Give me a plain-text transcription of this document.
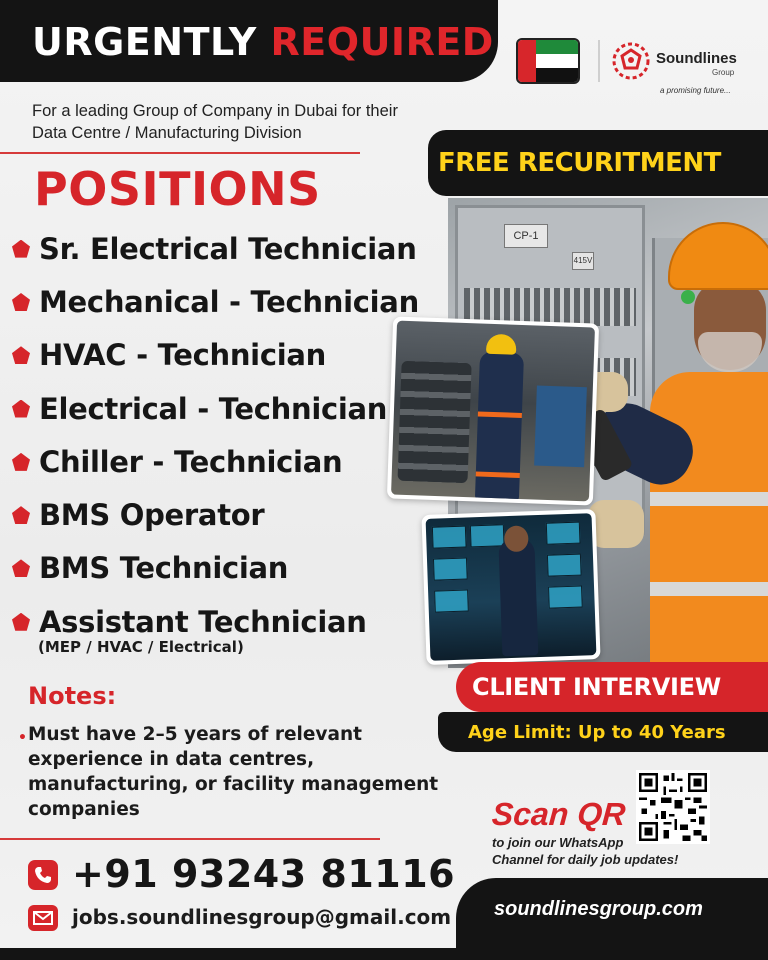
URGENTLY REQUIRED	Soundlines
Group
a promising future...
For a leading Group of Company in Dubai for their
Data Centre / Manufacturing Division
CP-1
415V
FREE RECURITMENT
POSITIONS
Sr. Electrical Technician
Mechanical - Technician
HVAC - Technician
Electrical - Technician
Chiller - Technician
BMS Operator
BMS Technician
Assistant Technician
(MEP / HVAC / Electrical)
CLIENT INTERVIEW
Age Limit: Up to 40 Years
Notes:
• Must have 2–5 years of relevant experience in data centres, manufacturing, or facility management companies	Scan QR
to join our WhatsApp
Channel for daily job updates!
+91 93243 81116
jobs.soundlinesgroup@gmail.com soundlinesgroup.com
